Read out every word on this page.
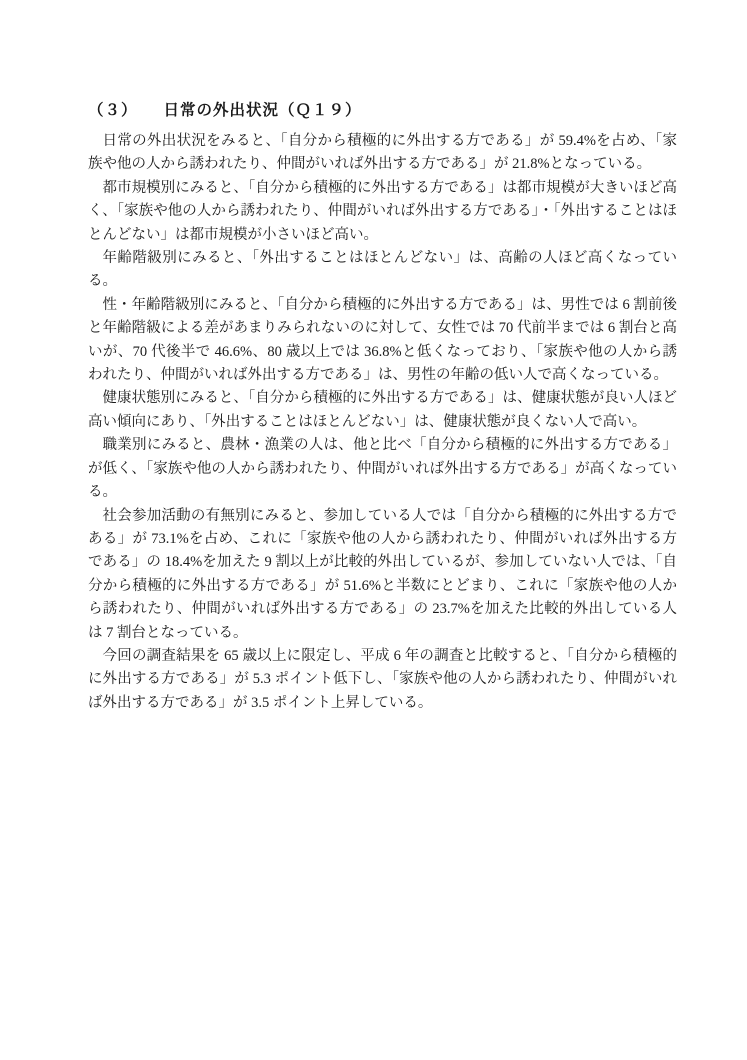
（３） 日常の外出状況（Ｑ１９）

日常の外出状況をみると、「自分から積極的に外出する方である」が 59.4%を占め、「家族や他の人から誘われたり、仲間がいれば外出する方である」が 21.8%となっている。

都市規模別にみると、「自分から積極的に外出する方である」は都市規模が大きいほど高く、「家族や他の人から誘われたり、仲間がいれば外出する方である」・「外出することはほとんどない」は都市規模が小さいほど高い。

年齢階級別にみると、「外出することはほとんどない」は、高齢の人ほど高くなっている。

性・年齢階級別にみると、「自分から積極的に外出する方である」は、男性では 6 割前後と年齢階級による差があまりみられないのに対して、女性では 70 代前半までは 6 割台と高いが、70 代後半で 46.6%、80 歳以上では 36.8%と低くなっており、「家族や他の人から誘われたり、仲間がいれば外出する方である」は、男性の年齢の低い人で高くなっている。

健康状態別にみると、「自分から積極的に外出する方である」は、健康状態が良い人ほど高い傾向にあり、「外出することはほとんどない」は、健康状態が良くない人で高い。

職業別にみると、農林・漁業の人は、他と比べ「自分から積極的に外出する方である」が低く、「家族や他の人から誘われたり、仲間がいれば外出する方である」が高くなっている。

社会参加活動の有無別にみると、参加している人では「自分から積極的に外出する方である」が 73.1%を占め、これに「家族や他の人から誘われたり、仲間がいれば外出する方である」の 18.4%を加えた 9 割以上が比較的外出しているが、参加していない人では、「自分から積極的に外出する方である」が 51.6%と半数にとどまり、これに「家族や他の人から誘われたり、仲間がいれば外出する方である」の 23.7%を加えた比較的外出している人は 7 割台となっている。

今回の調査結果を 65 歳以上に限定し、平成 6 年の調査と比較すると、「自分から積極的に外出する方である」が 5.3 ポイント低下し、「家族や他の人から誘われたり、仲間がいれば外出する方である」が 3.5 ポイント上昇している。
